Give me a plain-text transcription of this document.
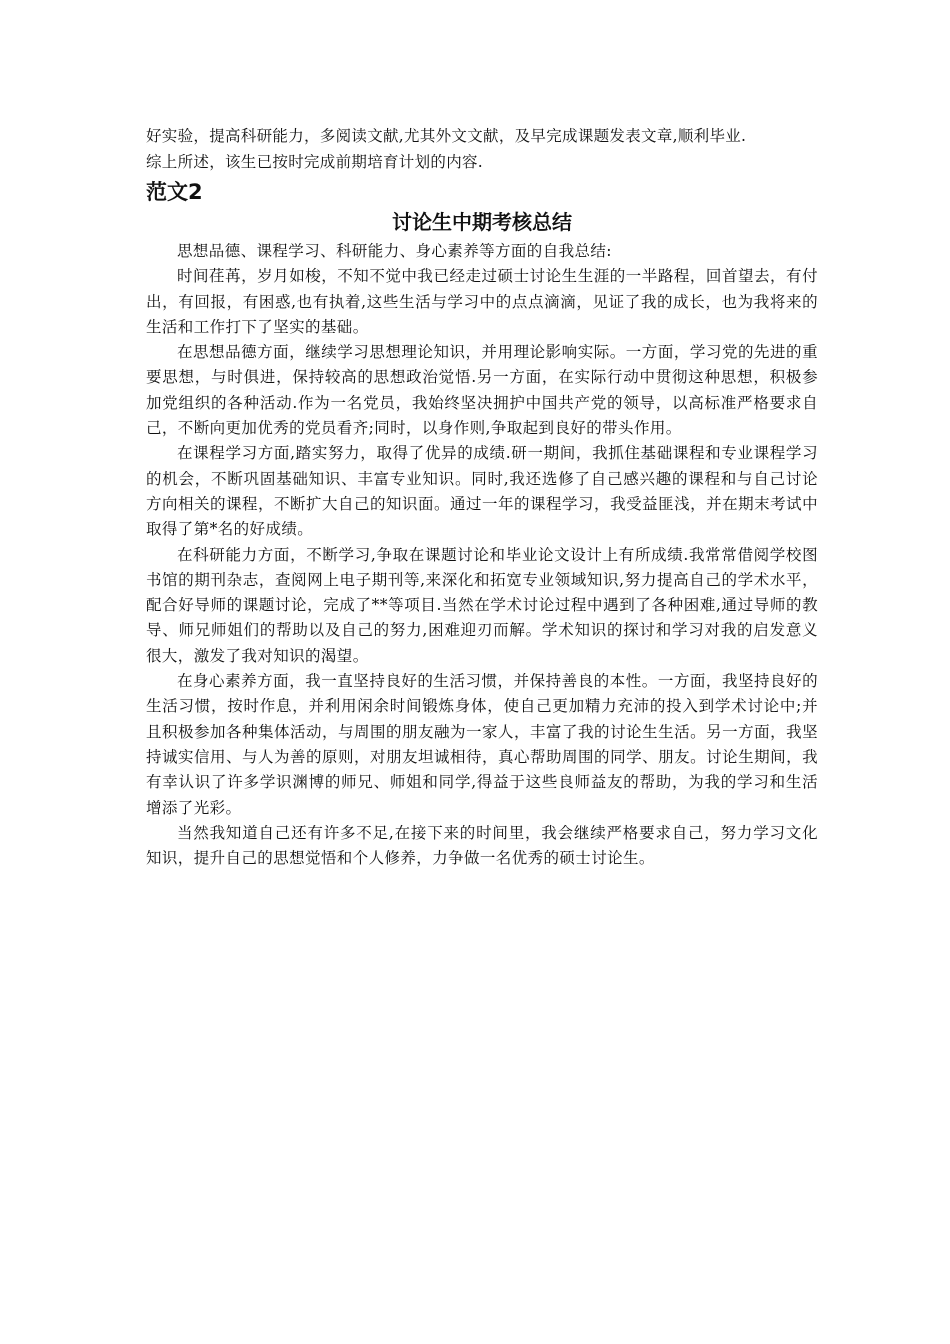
好实验，提高科研能力，多阅读文献,尤其外文文献，及早完成课题发表文章,顺利毕业.

综上所述，该生已按时完成前期培育计划的内容.

范文2

讨论生中期考核总结

思想品德、课程学习、科研能力、身心素养等方面的自我总结:

时间荏苒，岁月如梭，不知不觉中我已经走过硕士讨论生生涯的一半路程，回首望去，有付出，有回报，有困惑,也有执着,这些生活与学习中的点点滴滴，见证了我的成长，也为我将来的生活和工作打下了坚实的基础。

在思想品德方面，继续学习思想理论知识，并用理论影响实际。一方面，学习党的先进的重要思想，与时俱进，保持较高的思想政治觉悟.另一方面，在实际行动中贯彻这种思想，积极参加党组织的各种活动.作为一名党员，我始终坚决拥护中国共产党的领导，以高标准严格要求自己，不断向更加优秀的党员看齐;同时，以身作则,争取起到良好的带头作用。

在课程学习方面,踏实努力，取得了优异的成绩.研一期间，我抓住基础课程和专业课程学习的机会，不断巩固基础知识、丰富专业知识。同时,我还选修了自己感兴趣的课程和与自己讨论方向相关的课程，不断扩大自己的知识面。通过一年的课程学习，我受益匪浅，并在期末考试中取得了第*名的好成绩。

在科研能力方面，不断学习,争取在课题讨论和毕业论文设计上有所成绩.我常常借阅学校图书馆的期刊杂志，查阅网上电子期刊等,来深化和拓宽专业领域知识,努力提高自己的学术水平，配合好导师的课题讨论，完成了**等项目.当然在学术讨论过程中遇到了各种困难,通过导师的教导、师兄师姐们的帮助以及自己的努力,困难迎刃而解。学术知识的探讨和学习对我的启发意义很大，激发了我对知识的渴望。

在身心素养方面，我一直坚持良好的生活习惯，并保持善良的本性。一方面，我坚持良好的生活习惯，按时作息，并利用闲余时间锻炼身体，使自己更加精力充沛的投入到学术讨论中;并且积极参加各种集体活动，与周围的朋友融为一家人，丰富了我的讨论生生活。另一方面，我坚持诚实信用、与人为善的原则，对朋友坦诚相待，真心帮助周围的同学、朋友。讨论生期间，我有幸认识了许多学识渊博的师兄、师姐和同学,得益于这些良师益友的帮助，为我的学习和生活增添了光彩。

当然我知道自己还有许多不足,在接下来的时间里，我会继续严格要求自己，努力学习文化知识，提升自己的思想觉悟和个人修养，力争做一名优秀的硕士讨论生。
